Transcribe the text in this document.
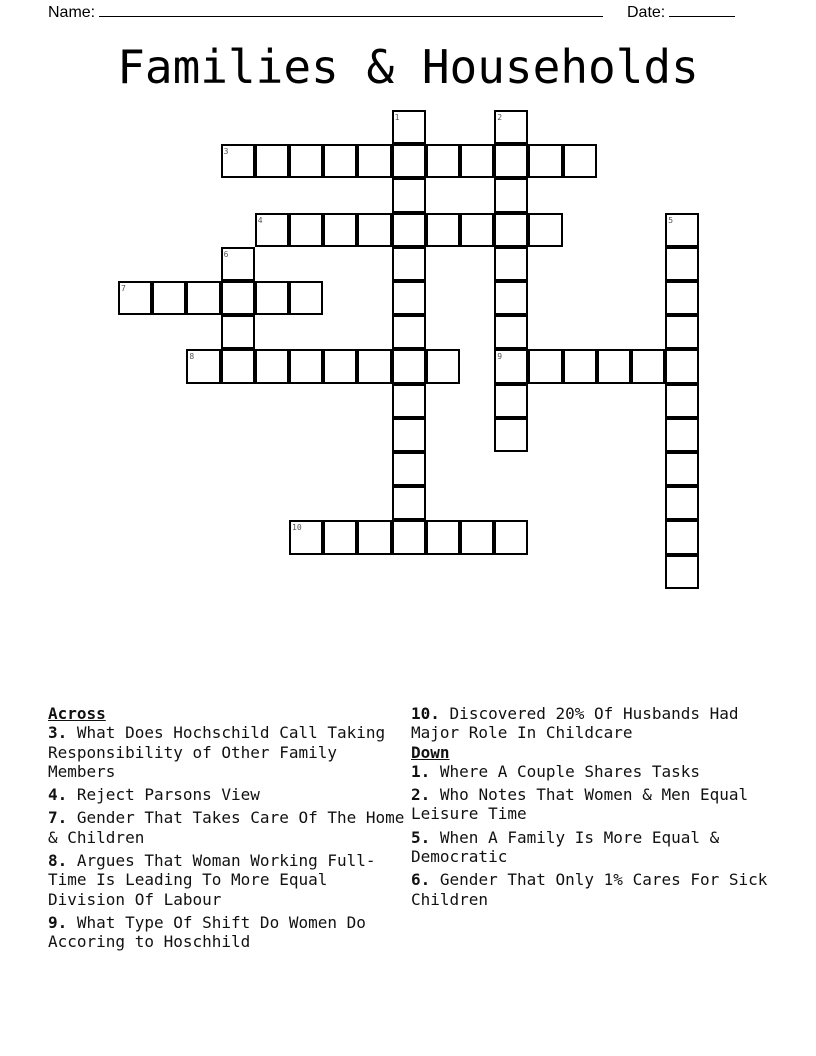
Name:	Date:
Families & Households
1	2
3
4	5
6
7
8	9
10
Across
3. What Does Hochschild Call Taking Responsibility of Other Family Members
4. Reject Parsons View
7. Gender That Takes Care Of The Home & Children
8. Argues That Woman Working Full-Time Is Leading To More Equal Division Of Labour
9. What Type Of Shift Do Women Do Accoring to Hoschhild
10. Discovered 20% Of Husbands Had Major Role In Childcare
Down
1. Where A Couple Shares Tasks
2. Who Notes That Women & Men Equal Leisure Time
5. When A Family Is More Equal & Democratic
6. Gender That Only 1% Cares For Sick Children
